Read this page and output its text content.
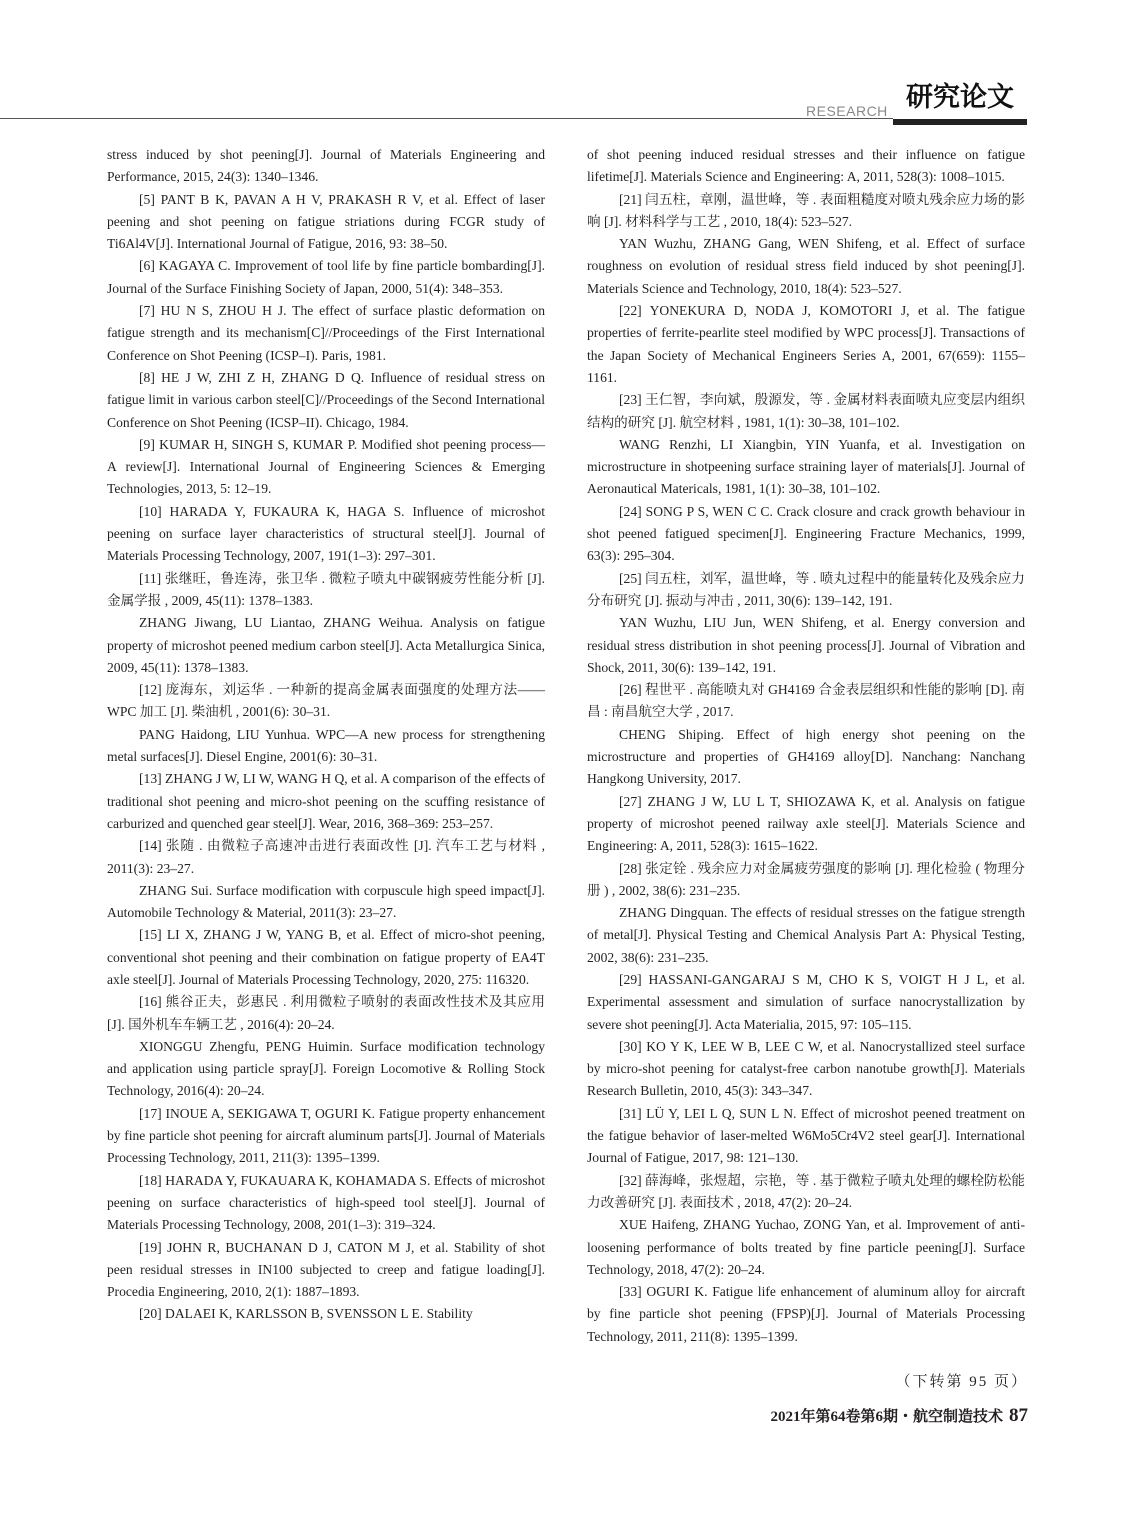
RESEARCH 研究论文

stress induced by shot peening[J]. Journal of Materials Engineering and Performance, 2015, 24(3): 1340–1346.

[5] PANT B K, PAVAN A H V, PRAKASH R V, et al. Effect of laser peening and shot peening on fatigue striations during FCGR study of Ti6Al4V[J]. International Journal of Fatigue, 2016, 93: 38–50.

[6] KAGAYA C. Improvement of tool life by fine particle bombarding[J]. Journal of the Surface Finishing Society of Japan, 2000, 51(4): 348–353.

[7] HU N S, ZHOU H J. The effect of surface plastic deformation on fatigue strength and its mechanism[C]//Proceedings of the First International Conference on Shot Peening (ICSP–I). Paris, 1981.

[8] HE J W, ZHI Z H, ZHANG D Q. Influence of residual stress on fatigue limit in various carbon steel[C]//Proceedings of the Second International Conference on Shot Peening (ICSP–II). Chicago, 1984.

[9] KUMAR H, SINGH S, KUMAR P. Modified shot peening process—A review[J]. International Journal of Engineering Sciences & Emerging Technologies, 2013, 5: 12–19.

[10] HARADA Y, FUKAURA K, HAGA S. Influence of microshot peening on surface layer characteristics of structural steel[J]. Journal of Materials Processing Technology, 2007, 191(1–3): 297–301.

[11] 张继旺，鲁连涛，张卫华 . 微粒子喷丸中碳钢疲劳性能分析 [J]. 金属学报 , 2009, 45(11): 1378–1383.

ZHANG Jiwang, LU Liantao, ZHANG Weihua. Analysis on fatigue property of microshot peened medium carbon steel[J]. Acta Metallurgica Sinica, 2009, 45(11): 1378–1383.

[12] 庞海东，刘运华 . 一种新的提高金属表面强度的处理方法—— WPC 加工 [J]. 柴油机 , 2001(6): 30–31.

PANG Haidong, LIU Yunhua. WPC—A new process for strengthening metal surfaces[J]. Diesel Engine, 2001(6): 30–31.

[13] ZHANG J W, LI W, WANG H Q, et al. A comparison of the effects of traditional shot peening and micro-shot peening on the scuffing resistance of carburized and quenched gear steel[J]. Wear, 2016, 368–369: 253–257.

[14] 张随 . 由微粒子高速冲击进行表面改性 [J]. 汽车工艺与材料 , 2011(3): 23–27.

ZHANG Sui. Surface modification with corpuscule high speed impact[J]. Automobile Technology & Material, 2011(3): 23–27.

[15] LI X, ZHANG J W, YANG B, et al. Effect of micro-shot peening, conventional shot peening and their combination on fatigue property of EA4T axle steel[J]. Journal of Materials Processing Technology, 2020, 275: 116320.

[16] 熊谷正夫，彭惠民 . 利用微粒子喷射的表面改性技术及其应用 [J]. 国外机车车辆工艺 , 2016(4): 20–24.

XIONGGU Zhengfu, PENG Huimin. Surface modification technology and application using particle spray[J]. Foreign Locomotive & Rolling Stock Technology, 2016(4): 20–24.

[17] INOUE A, SEKIGAWA T, OGURI K. Fatigue property enhancement by fine particle shot peening for aircraft aluminum parts[J]. Journal of Materials Processing Technology, 2011, 211(3): 1395–1399.

[18] HARADA Y, FUKAUARA K, KOHAMADA S. Effects of microshot peening on surface characteristics of high-speed tool steel[J]. Journal of Materials Processing Technology, 2008, 201(1–3): 319–324.

[19] JOHN R, BUCHANAN D J, CATON M J, et al. Stability of shot peen residual stresses in IN100 subjected to creep and fatigue loading[J]. Procedia Engineering, 2010, 2(1): 1887–1893.

[20] DALAEI K, KARLSSON B, SVENSSON L E. Stability

of shot peening induced residual stresses and their influence on fatigue lifetime[J]. Materials Science and Engineering: A, 2011, 528(3): 1008–1015.

[21] 闫五柱，章刚，温世峰，等 . 表面粗糙度对喷丸残余应力场的影响 [J]. 材料科学与工艺 , 2010, 18(4): 523–527.

YAN Wuzhu, ZHANG Gang, WEN Shifeng, et al. Effect of surface roughness on evolution of residual stress field induced by shot peening[J]. Materials Science and Technology, 2010, 18(4): 523–527.

[22] YONEKURA D, NODA J, KOMOTORI J, et al. The fatigue properties of ferrite-pearlite steel modified by WPC process[J]. Transactions of the Japan Society of Mechanical Engineers Series A, 2001, 67(659): 1155–1161.

[23] 王仁智，李向斌，殷源发，等 . 金属材料表面喷丸应变层内组织结构的研究 [J]. 航空材料 , 1981, 1(1): 30–38, 101–102.

WANG Renzhi, LI Xiangbin, YIN Yuanfa, et al. Investigation on microstructure in shotpeening surface straining layer of materials[J]. Journal of Aeronautical Matericals, 1981, 1(1): 30–38, 101–102.

[24] SONG P S, WEN C C. Crack closure and crack growth behaviour in shot peened fatigued specimen[J]. Engineering Fracture Mechanics, 1999, 63(3): 295–304.

[25] 闫五柱，刘军，温世峰，等 . 喷丸过程中的能量转化及残余应力分布研究 [J]. 振动与冲击 , 2011, 30(6): 139–142, 191.

YAN Wuzhu, LIU Jun, WEN Shifeng, et al. Energy conversion and residual stress distribution in shot peening process[J]. Journal of Vibration and Shock, 2011, 30(6): 139–142, 191.

[26] 程世平 . 高能喷丸对 GH4169 合金表层组织和性能的影响 [D]. 南昌 : 南昌航空大学 , 2017.

CHENG Shiping. Effect of high energy shot peening on the microstructure and properties of GH4169 alloy[D]. Nanchang: Nanchang Hangkong University, 2017.

[27] ZHANG J W, LU L T, SHIOZAWA K, et al. Analysis on fatigue property of microshot peened railway axle steel[J]. Materials Science and Engineering: A, 2011, 528(3): 1615–1622.

[28] 张定铨 . 残余应力对金属疲劳强度的影响 [J]. 理化检验 ( 物理分册 ) , 2002, 38(6): 231–235.

ZHANG Dingquan. The effects of residual stresses on the fatigue strength of metal[J]. Physical Testing and Chemical Analysis Part A: Physical Testing, 2002, 38(6): 231–235.

[29] HASSANI-GANGARAJ S M, CHO K S, VOIGT H J L, et al. Experimental assessment and simulation of surface nanocrystallization by severe shot peening[J]. Acta Materialia, 2015, 97: 105–115.

[30] KO Y K, LEE W B, LEE C W, et al. Nanocrystallized steel surface by micro-shot peening for catalyst-free carbon nanotube growth[J]. Materials Research Bulletin, 2010, 45(3): 343–347.

[31] LÜ Y, LEI L Q, SUN L N. Effect of microshot peened treatment on the fatigue behavior of laser-melted W6Mo5Cr4V2 steel gear[J]. International Journal of Fatigue, 2017, 98: 121–130.

[32] 薛海峰，张煜超，宗艳，等 . 基于微粒子喷丸处理的螺栓防松能力改善研究 [J]. 表面技术 , 2018, 47(2): 20–24.

XUE Haifeng, ZHANG Yuchao, ZONG Yan, et al. Improvement of anti-loosening performance of bolts treated by fine particle peening[J]. Surface Technology, 2018, 47(2): 20–24.

[33] OGURI K. Fatigue life enhancement of aluminum alloy for aircraft by fine particle shot peening (FPSP)[J]. Journal of Materials Processing Technology, 2011, 211(8): 1395–1399.

（下转第 95 页）
2021年第64卷第6期・航空制造技术 87
